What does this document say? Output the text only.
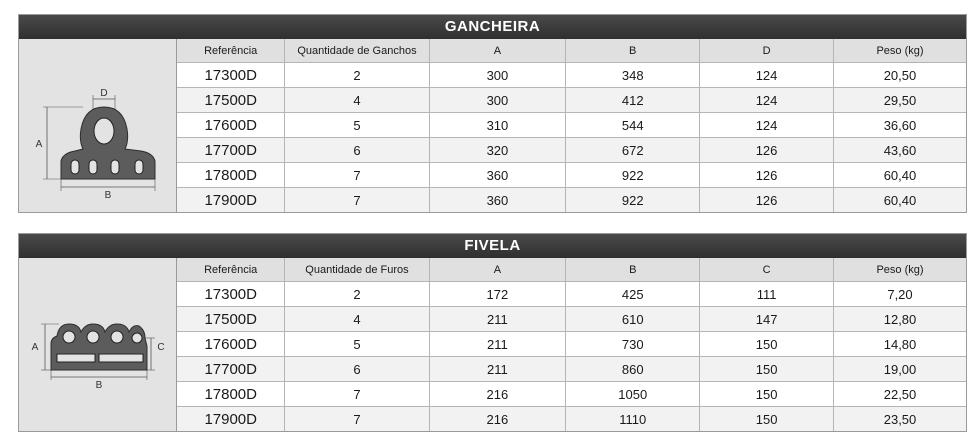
GANCHEIRA
D
A
B
Referência	Quantidade de Ganchos	A	B	D	Peso (kg)
17300D	2	300	348	124	20,50
17500D	4	300	412	124	29,50
17600D	5	310	544	124	36,60
17700D	6	320	672	126	43,60
17800D	7	360	922	126	60,40
17900D	7	360	922	126	60,40
FIVELA
A	C
B
Referência	Quantidade de Furos	A	B	C	Peso (kg)
17300D	2	172	425	111	7,20
17500D	4	211	610	147	12,80
17600D	5	211	730	150	14,80
17700D	6	211	860	150	19,00
17800D	7	216	1050	150	22,50
17900D	7	216	1110	150	23,50
